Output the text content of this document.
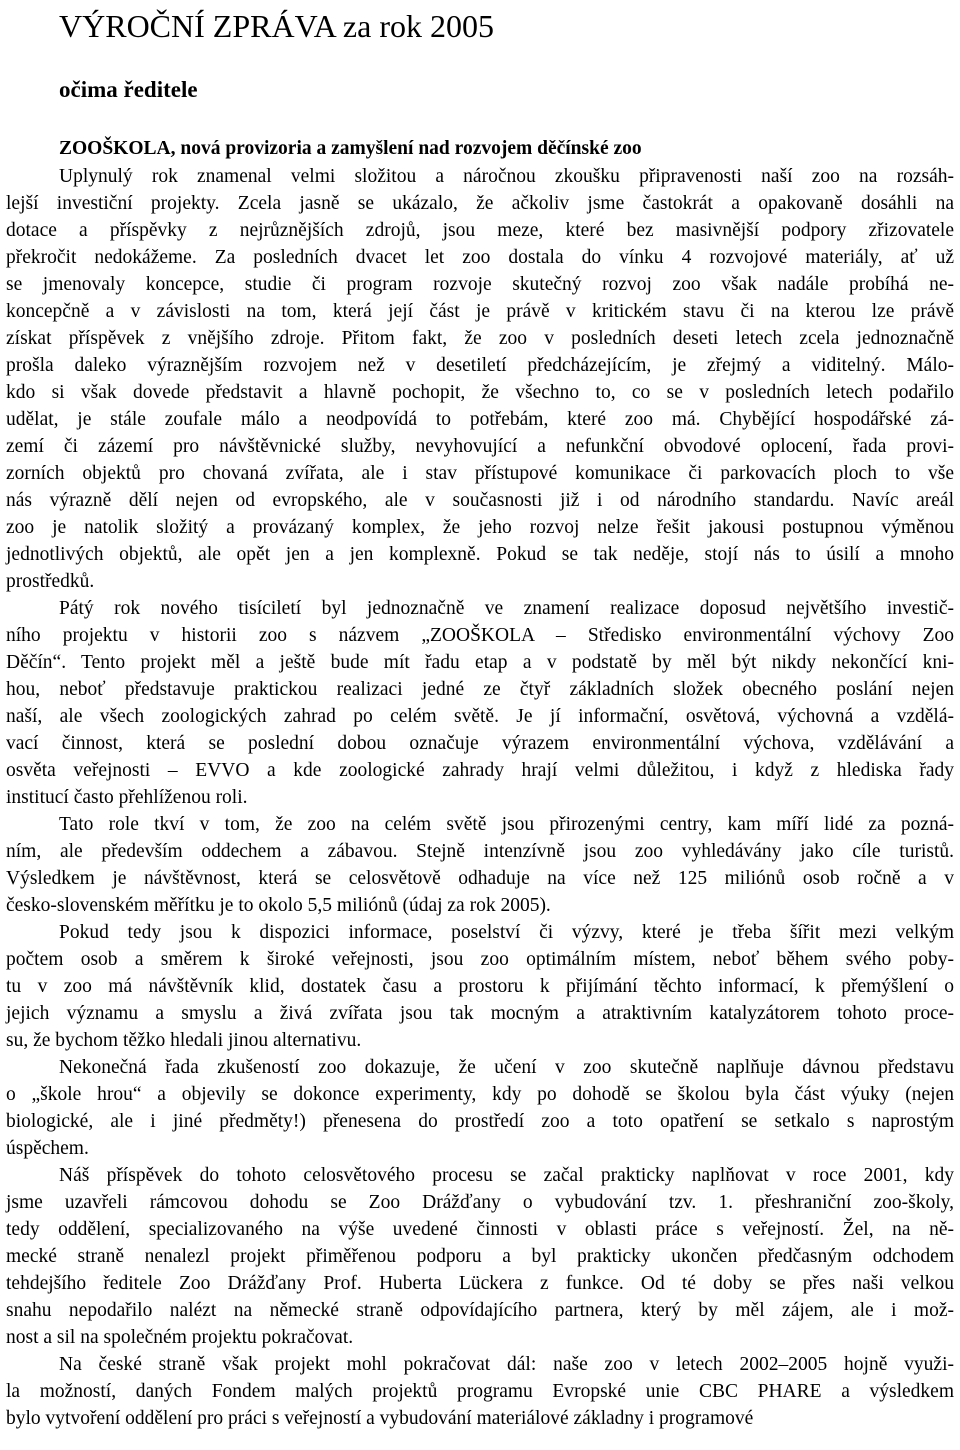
VÝROČNÍ ZPRÁVA za rok 2005
očima ředitele
ZOOŠKOLA, nová provizoria a zamyšlení nad rozvojem děčínské zoo
Uplynulý rok znamenal velmi složitou a náročnou zkoušku připravenosti naší zoo na rozsáh-
lejší investiční projekty. Zcela jasně se ukázalo, že ačkoliv jsme častokrát a opakovaně dosáhli na
dotace a příspěvky z nejrůznějších zdrojů, jsou meze, které bez masivnější podpory zřizovatele
překročit nedokážeme. Za posledních dvacet let zoo dostala do vínku 4 rozvojové materiály, ať už
se jmenovaly koncepce, studie či program rozvoje skutečný rozvoj zoo však nadále probíhá ne-
koncepčně a v závislosti na tom, která její část je právě v kritickém stavu či na kterou lze právě
získat příspěvek z vnějšího zdroje. Přitom fakt, že zoo v posledních deseti letech zcela jednoznačně
prošla daleko výraznějším rozvojem než v desetiletí předcházejícím, je zřejmý a viditelný. Málo-
kdo si však dovede představit a hlavně pochopit, že všechno to, co se v posledních letech podařilo
udělat, je stále zoufale málo a neodpovídá to potřebám, které zoo má. Chybějící hospodářské zá-
zemí či zázemí pro návštěvnické služby, nevyhovující a nefunkční obvodové oplocení, řada provi-
zorních objektů pro chovaná zvířata, ale i stav přístupové komunikace či parkovacích ploch to vše
nás výrazně dělí nejen od evropského, ale v současnosti již i od národního standardu. Navíc areál
zoo je natolik složitý a provázaný komplex, že jeho rozvoj nelze řešit jakousi postupnou výměnou
jednotlivých objektů, ale opět jen a jen komplexně. Pokud se tak neděje, stojí nás to úsilí a mnoho
prostředků.
Pátý rok nového tisíciletí byl jednoznačně ve znamení realizace doposud největšího investič-
ního projektu v historii zoo s názvem „ZOOŠKOLA – Středisko environmentální výchovy Zoo
Děčín“. Tento projekt měl a ještě bude mít řadu etap a v podstatě by měl být nikdy nekončící kni-
hou, neboť představuje praktickou realizaci jedné ze čtyř základních složek obecného poslání nejen
naší, ale všech zoologických zahrad po celém světě. Je jí informační, osvětová, výchovná a vzdělá-
vací činnost, která se poslední dobou označuje výrazem environmentální výchova, vzdělávání a
osvěta veřejnosti – EVVO a kde zoologické zahrady hrají velmi důležitou, i když z hlediska řady
institucí často přehlíženou roli.
Tato role tkví v tom, že zoo na celém světě jsou přirozenými centry, kam míří lidé za pozná-
ním, ale především oddechem a zábavou. Stejně intenzívně jsou zoo vyhledávány jako cíle turistů.
Výsledkem je návštěvnost, která se celosvětově odhaduje na více než 125 miliónů osob ročně a v
česko-slovenském měřítku je to okolo 5,5 miliónů (údaj za rok 2005).
Pokud tedy jsou k dispozici informace, poselství či výzvy, které je třeba šířit mezi velkým
počtem osob a směrem k široké veřejnosti, jsou zoo optimálním místem, neboť během svého poby-
tu v zoo má návštěvník klid, dostatek času a prostoru k přijímání těchto informací, k přemýšlení o
jejich významu a smyslu a živá zvířata jsou tak mocným a atraktivním katalyzátorem tohoto proce-
su, že bychom těžko hledali jinou alternativu.
Nekonečná řada zkušeností zoo dokazuje, že učení v zoo skutečně naplňuje dávnou představu
o „škole hrou“ a objevily se dokonce experimenty, kdy po dohodě se školou byla část výuky (nejen
biologické, ale i jiné předměty!) přenesena do prostředí zoo a toto opatření se setkalo s naprostým
úspěchem.
Náš příspěvek do tohoto celosvětového procesu se začal prakticky naplňovat v roce 2001, kdy
jsme uzavřeli rámcovou dohodu se Zoo Drážďany o vybudování tzv. 1. přeshraniční zoo-školy,
tedy oddělení, specializovaného na výše uvedené činnosti v oblasti práce s veřejností. Žel, na ně-
mecké straně nenalezl projekt přiměřenou podporu a byl prakticky ukončen předčasným odchodem
tehdejšího ředitele Zoo Drážďany Prof. Huberta Lückera z funkce. Od té doby se přes naši velkou
snahu nepodařilo nalézt na německé straně odpovídajícího partnera, který by měl zájem, ale i mož-
nost a sil na společném projektu pokračovat.
Na české straně však projekt mohl pokračovat dál: naše zoo v letech 2002–2005 hojně využi-
la možností, daných Fondem malých projektů programu Evropské unie CBC PHARE a výsledkem
bylo vytvoření oddělení pro práci s veřejností a vybudování materiálové základny i programové
